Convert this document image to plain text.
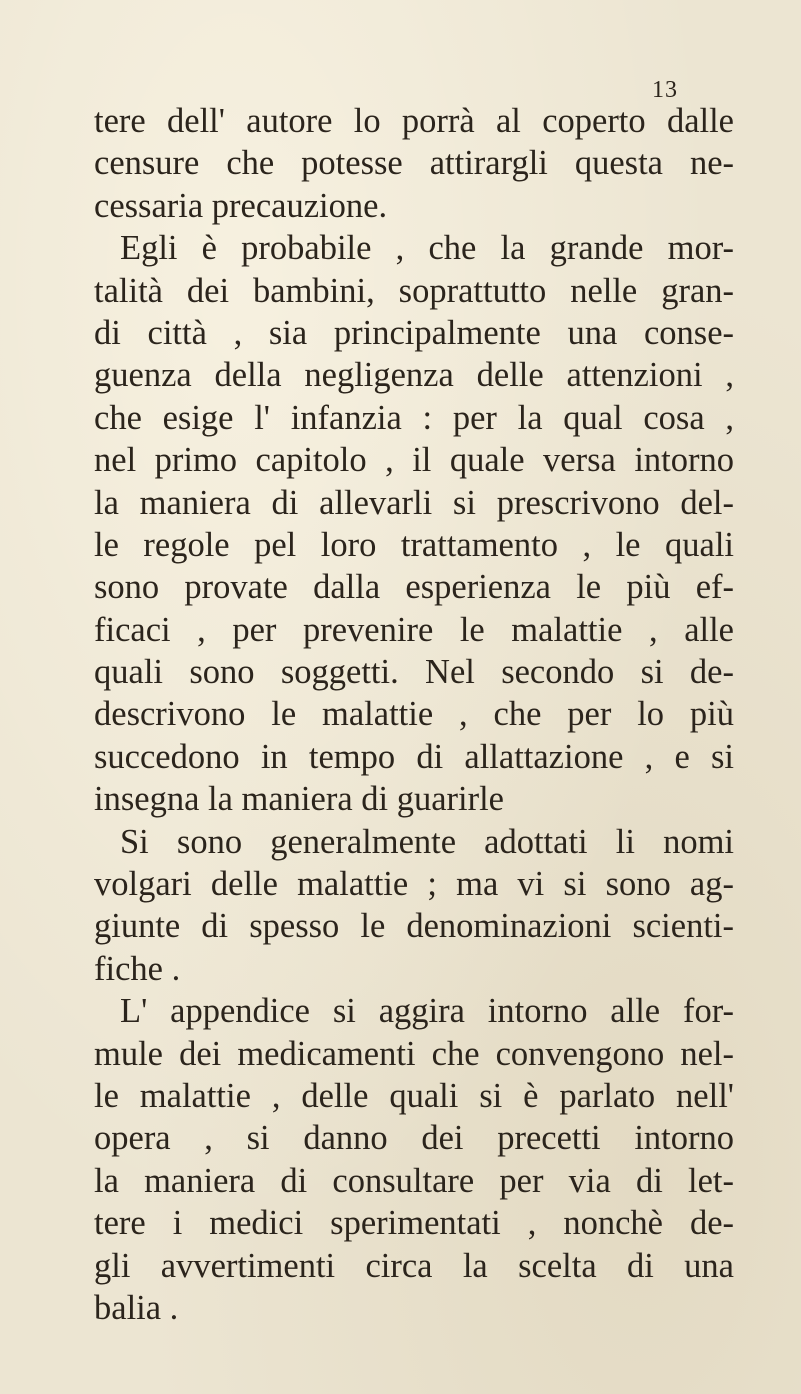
13
tere dell' autore lo porrà al coperto dalle
censure che potesse attirargli questa ne-
cessaria precauzione.
Egli è probabile , che la grande mor-
talità dei bambini, soprattutto nelle gran-
di città , sia principalmente una conse-
guenza della negligenza delle attenzioni ,
che esige l' infanzia : per la qual cosa ,
nel primo capitolo , il quale versa intorno
la maniera di allevarli si prescrivono del-
le regole pel loro trattamento , le quali
sono provate dalla esperienza le più ef-
ficaci , per prevenire le malattie , alle
quali sono soggetti. Nel secondo si de-
descrivono le malattie , che per lo più
succedono in tempo di allattazione , e si
insegna la maniera di guarirle
Si sono generalmente adottati li nomi
volgari delle malattie ; ma vi si sono ag-
giunte di spesso le denominazioni scienti-
fiche .
L' appendice si aggira intorno alle for-
mule dei medicamenti che convengono nel-
le malattie , delle quali si è parlato nell'
opera , si danno dei precetti intorno
la maniera di consultare per via di let-
tere i medici sperimentati , nonchè de-
gli avvertimenti circa la scelta di una
balia .
